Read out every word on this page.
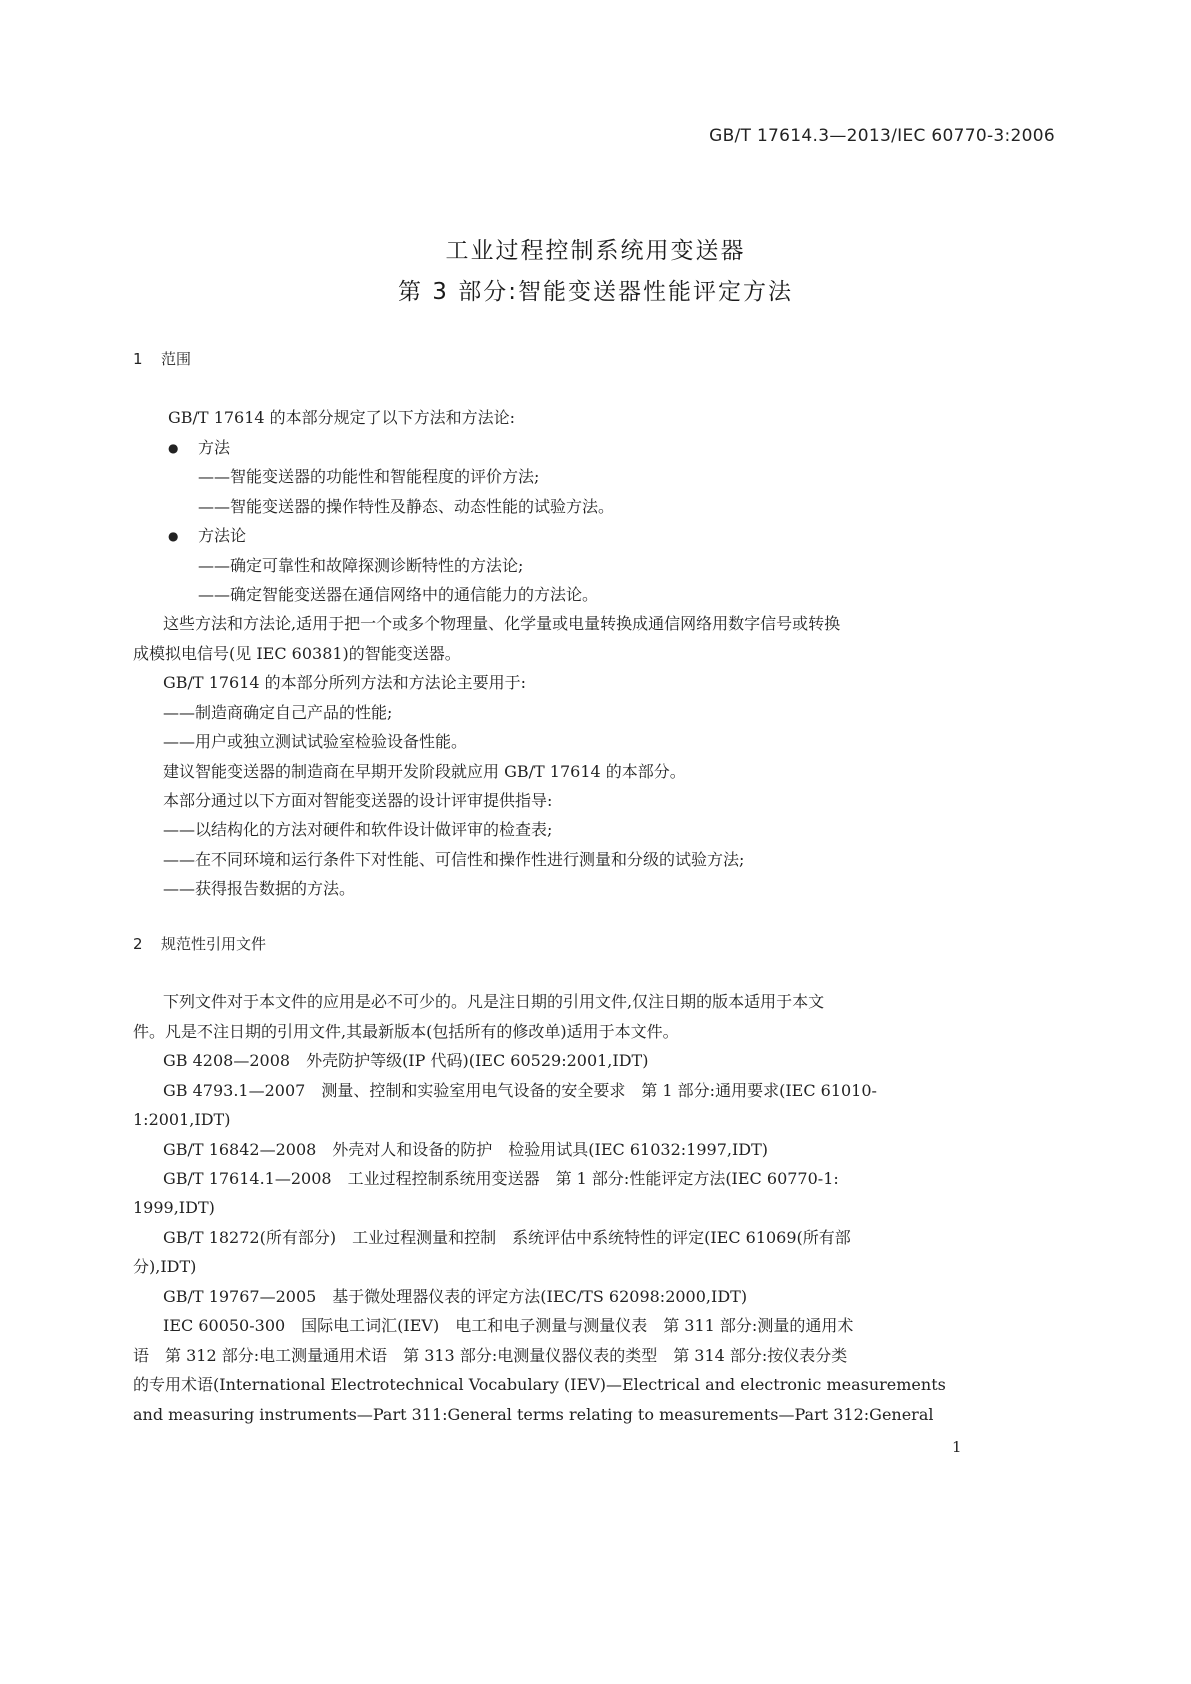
GB/T 17614.3—2013/IEC 60770-3:2006
工业过程控制系统用变送器
第 3 部分:智能变送器性能评定方法
1 范围
GB/T 17614 的本部分规定了以下方法和方法论:
● 方法
——智能变送器的功能性和智能程度的评价方法;
——智能变送器的操作特性及静态、动态性能的试验方法。
● 方法论
——确定可靠性和故障探测诊断特性的方法论;
——确定智能变送器在通信网络中的通信能力的方法论。
这些方法和方法论,适用于把一个或多个物理量、化学量或电量转换成通信网络用数字信号或转换
成模拟电信号(见 IEC 60381)的智能变送器。
GB/T 17614 的本部分所列方法和方法论主要用于:
——制造商确定自己产品的性能;
——用户或独立测试试验室检验设备性能。
建议智能变送器的制造商在早期开发阶段就应用 GB/T 17614 的本部分。
本部分通过以下方面对智能变送器的设计评审提供指导:
——以结构化的方法对硬件和软件设计做评审的检查表;
——在不同环境和运行条件下对性能、可信性和操作性进行测量和分级的试验方法;
——获得报告数据的方法。
2 规范性引用文件
下列文件对于本文件的应用是必不可少的。凡是注日期的引用文件,仅注日期的版本适用于本文
件。凡是不注日期的引用文件,其最新版本(包括所有的修改单)适用于本文件。
GB 4208—2008　外壳防护等级(IP 代码)(IEC 60529:2001,IDT)
GB 4793.1—2007　测量、控制和实验室用电气设备的安全要求　第 1 部分:通用要求(IEC 61010-
1:2001,IDT)
GB/T 16842—2008　外壳对人和设备的防护　检验用试具(IEC 61032:1997,IDT)
GB/T 17614.1—2008　工业过程控制系统用变送器　第 1 部分:性能评定方法(IEC 60770-1:
1999,IDT)
GB/T 18272(所有部分)　工业过程测量和控制　系统评估中系统特性的评定(IEC 61069(所有部
分),IDT)
GB/T 19767—2005　基于微处理器仪表的评定方法(IEC/TS 62098:2000,IDT)
IEC 60050-300　国际电工词汇(IEV)　电工和电子测量与测量仪表　第 311 部分:测量的通用术
语　第 312 部分:电工测量通用术语　第 313 部分:电测量仪器仪表的类型　第 314 部分:按仪表分类
的专用术语(International Electrotechnical Vocabulary (IEV)—Electrical and electronic measurements
and measuring instruments—Part 311:General terms relating to measurements—Part 312:General
1
